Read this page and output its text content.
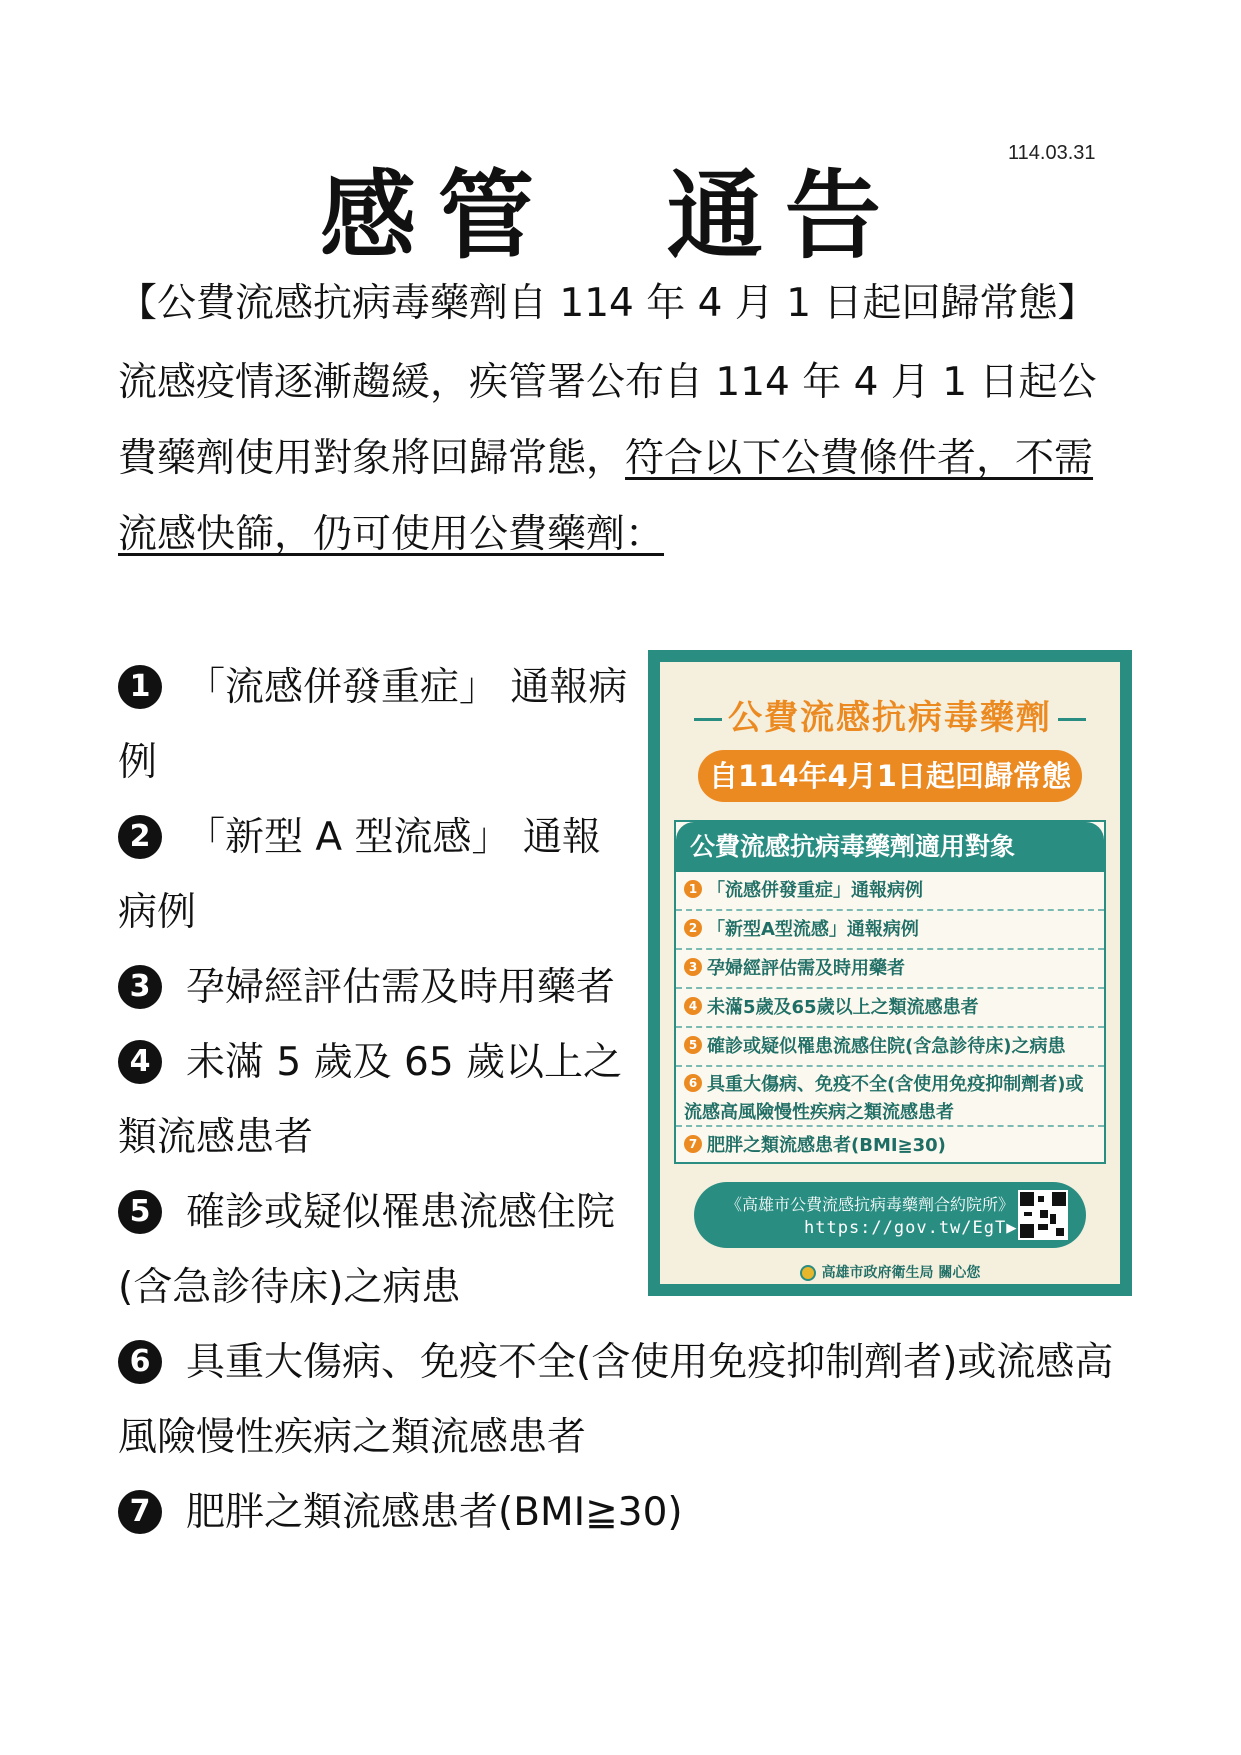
114.03.31
感管  通告
【公費流感抗病毒藥劑自 114 年 4 月 1 日起回歸常態】
流感疫情逐漸趨緩，疾管署公布自 114 年 4 月 1 日起公費藥劑使用對象將回歸常態，符合以下公費條件者，不需流感快篩，仍可使用公費藥劑：
1 「流感併發重症」 通報病例
2 「新型 A 型流感」 通報病例
3 孕婦經評估需及時用藥者
4 未滿 5 歲及 65 歲以上之類流感患者
5 確診或疑似罹患流感住院(含急診待床)之病患
6 具重大傷病、免疫不全(含使用免疫抑制劑者)或流感高風險慢性疾病之類流感患者
7 肥胖之類流感患者(BMI≧30)
公費流感抗病毒藥劑
自114年4月1日起回歸常態
公費流感抗病毒藥劑適用對象
1 「流感併發重症」通報病例
2 「新型A型流感」通報病例
3 孕婦經評估需及時用藥者
4 未滿5歲及65歲以上之類流感患者
5 確診或疑似罹患流感住院(含急診待床)之病患
6 具重大傷病、免疫不全(含使用免疫抑制劑者)或流感高風險慢性疾病之類流感患者
7 肥胖之類流感患者(BMI≧30)
《高雄市公費流感抗病毒藥劑合約院所》
https://gov.tw/EgT▶
高雄市政府衛生局 關心您
